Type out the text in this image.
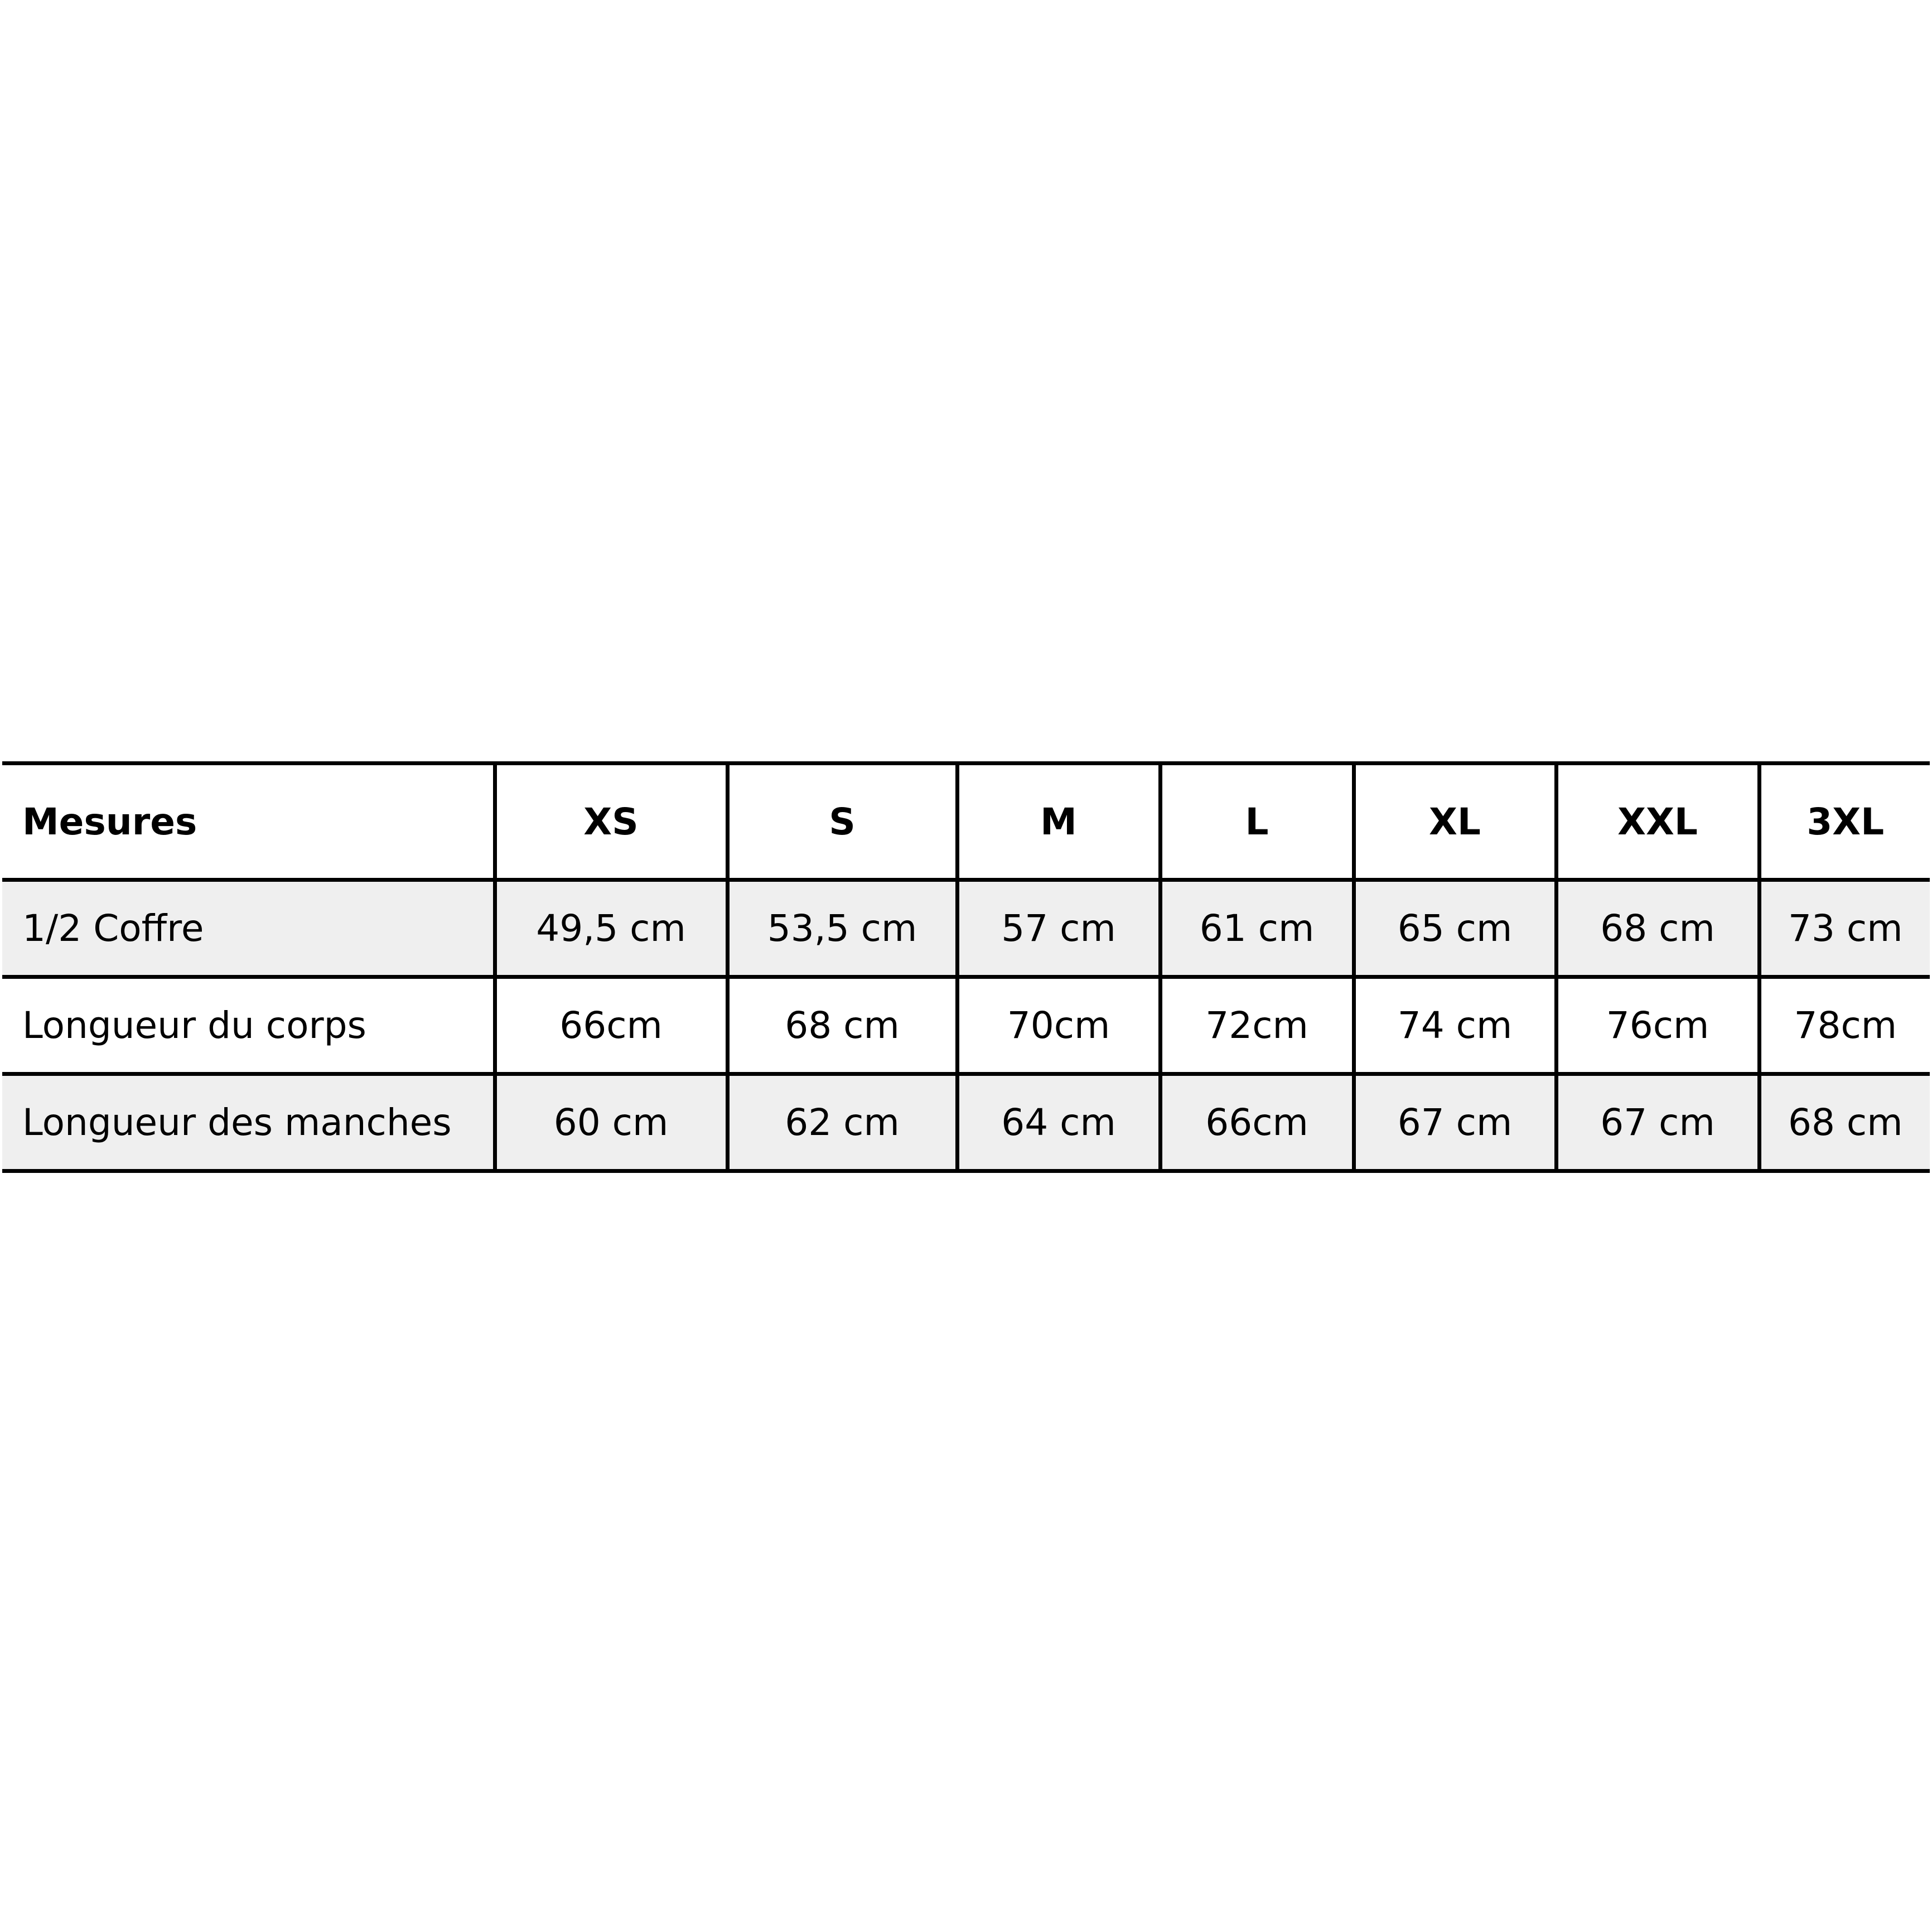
Mesures	XS	S	M	L	XL	XXL	3XL
1/2 Coffre	49,5 cm	53,5 cm	57 cm	61 cm	65 cm	68 cm	73 cm
Longueur du corps	66cm	68 cm	70cm	72cm	74 cm	76cm	78cm
Longueur des manches	60 cm	62 cm	64 cm	66cm	67 cm	67 cm	68 cm
